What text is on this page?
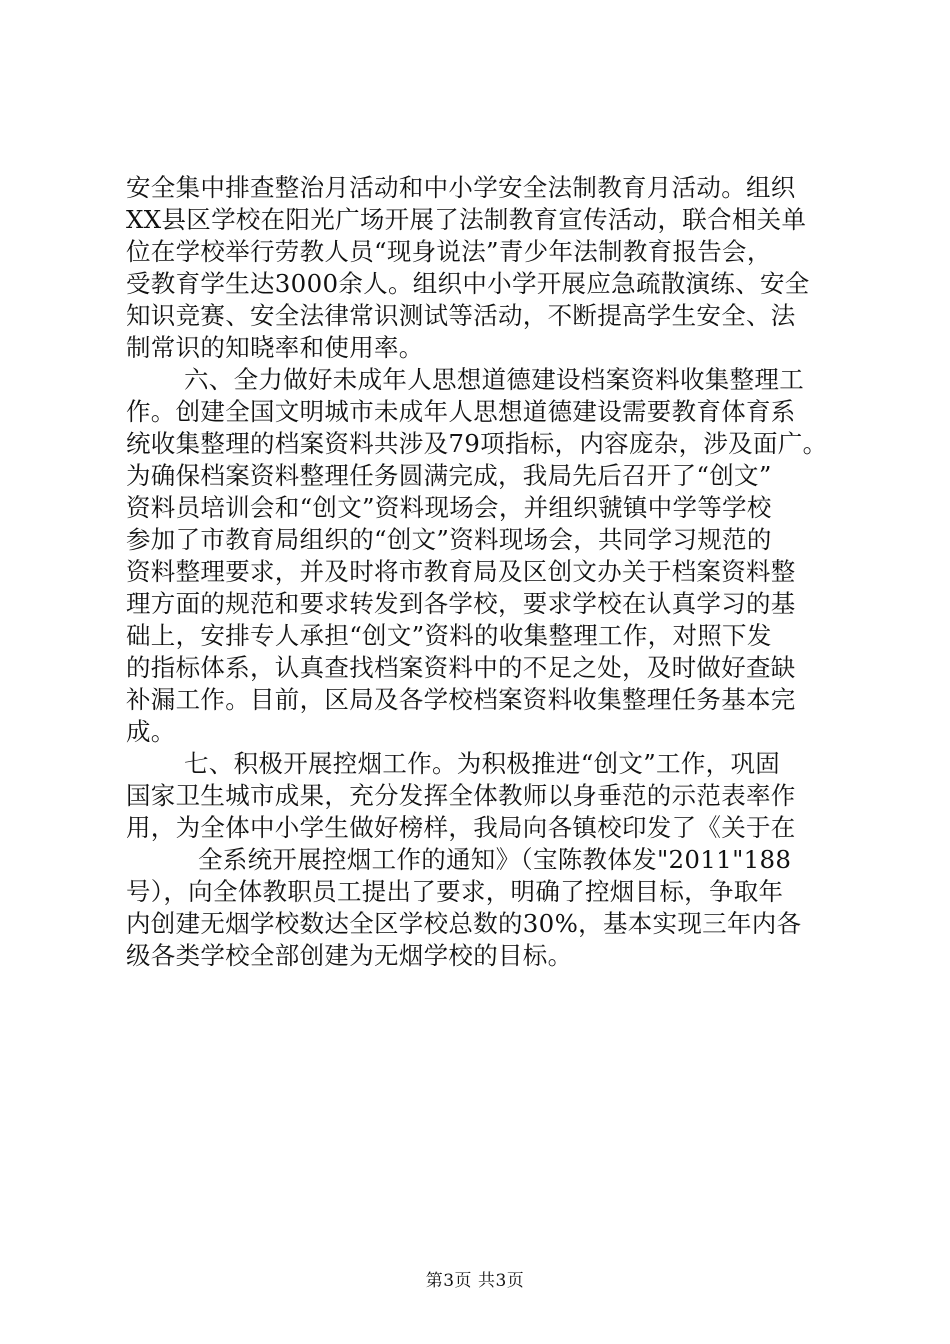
安全集中排查整治月活动和中小学安全法制教育月活动。组织
XX县区学校在阳光广场开展了法制教育宣传活动，联合相关单
位在学校举行劳教人员“现身说法”青少年法制教育报告会，
受教育学生达3000余人。组织中小学开展应急疏散演练、安全
知识竞赛、安全法律常识测试等活动，不断提高学生安全、法
制常识的知晓率和使用率。
六、全力做好未成年人思想道德建设档案资料收集整理工
作。创建全国文明城市未成年人思想道德建设需要教育体育系
统收集整理的档案资料共涉及79项指标，内容庞杂，涉及面广。
为确保档案资料整理任务圆满完成，我局先后召开了“创文”
资料员培训会和“创文”资料现场会，并组织虢镇中学等学校
参加了市教育局组织的“创文”资料现场会，共同学习规范的
资料整理要求，并及时将市教育局及区创文办关于档案资料整
理方面的规范和要求转发到各学校，要求学校在认真学习的基
础上，安排专人承担“创文”资料的收集整理工作，对照下发
的指标体系，认真查找档案资料中的不足之处，及时做好查缺
补漏工作。目前，区局及各学校档案资料收集整理任务基本完
成。
七、积极开展控烟工作。为积极推进“创文”工作，巩固
国家卫生城市成果，充分发挥全体教师以身垂范的示范表率作
用，为全体中小学生做好榜样，我局向各镇校印发了《关于在
全系统开展控烟工作的通知》（宝陈教体发"2011"188
号），向全体教职员工提出了要求，明确了控烟目标，争取年
内创建无烟学校数达全区学校总数的30%，基本实现三年内各
级各类学校全部创建为无烟学校的目标。
第3页 共3页
